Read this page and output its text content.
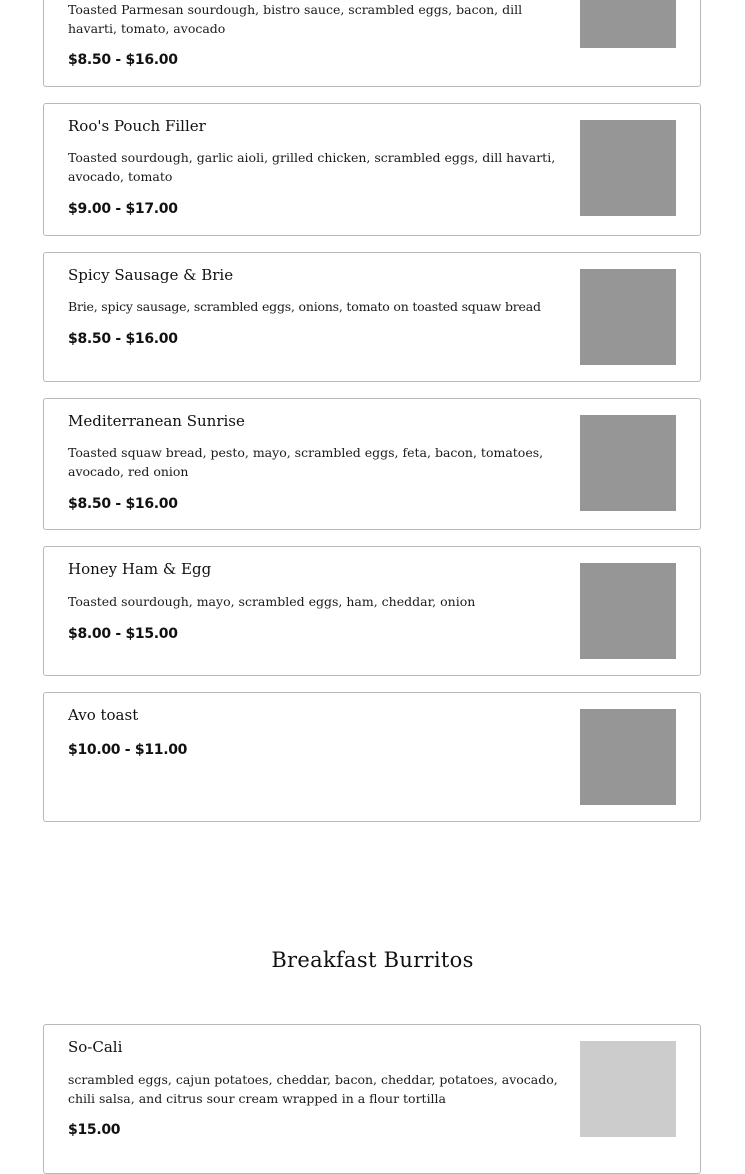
Toasted Parmesan sourdough, bistro sauce, scrambled eggs, bacon, dill havarti, tomato, avocado
$8.50 - $16.00
Roo's Pouch Filler
Toasted sourdough, garlic aioli, grilled chicken, scrambled eggs, dill havarti, avocado, tomato
$9.00 - $17.00
Spicy Sausage & Brie
Brie, spicy sausage, scrambled eggs, onions, tomato on toasted squaw bread
$8.50 - $16.00
Mediterranean Sunrise
Toasted squaw bread, pesto, mayo, scrambled eggs, feta, bacon, tomatoes, avocado, red onion
$8.50 - $16.00
Honey Ham & Egg
Toasted sourdough, mayo, scrambled eggs, ham, cheddar, onion
$8.00 - $15.00
Avo toast
$10.00 - $11.00
Breakfast Burritos
So-Cali
scrambled eggs, cajun potatoes, cheddar, bacon, cheddar, potatoes, avocado, chili salsa, and citrus sour cream wrapped in a flour tortilla
$15.00
